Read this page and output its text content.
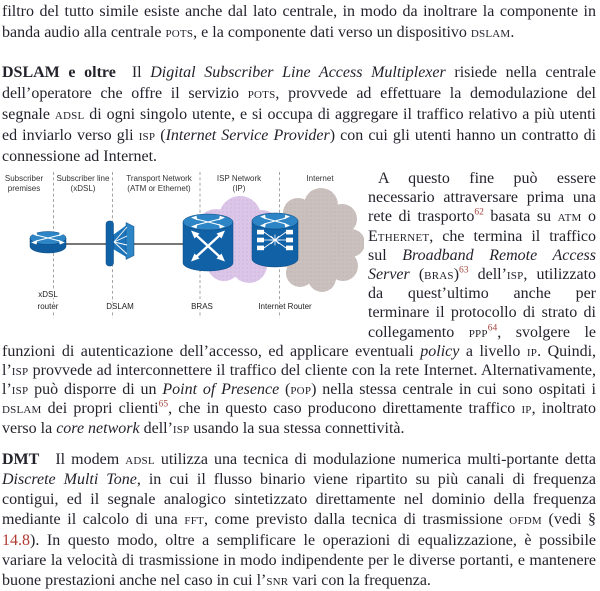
filtro del tutto simile esiste anche dal lato centrale, in modo da inoltrare la componente in banda audio alla centrale pots, e la componente dati verso un dispositivo dslam.

DSLAM e oltre Il Digital Subscriber Line Access Multiplexer risiede nella centrale dell’operatore che offre il servizio pots, provvede ad effettuare la demodulazione del segnale adsl di ogni singolo utente, e si occupa di aggregare il traffico relativo a più utenti ed inviarlo verso gli isp (Internet Service Provider) con cui gli utenti hanno un contratto di connessione ad Internet.

Subscriber
premises
Subscriber line
(xDSL)
Transport Network
(ATM or Ethernet)
ISP Network
(IP)
Internet
xDSL
router	DSLAM	BRAS	Internet Router

A questo fine può essere necessario attraversare prima una rete di trasporto$^{62}$ basata su atm o Ethernet, che termina il traffico sul Broadband Remote Access Server (bras)$^{63}$ dell’isp, utilizzato da quest’ultimo anche per terminare il protocollo di strato di collegamento ppp$^{64}$, svolgere le funzioni di autenticazione dell’accesso, ed applicare eventuali policy a livello ip. Quindi, l’isp provvede ad interconnettere il traffico del cliente con la rete Internet. Alternativamente, l’isp può disporre di un Point of Presence (pop) nella stessa centrale in cui sono ospitati i dslam dei propri clienti$^{65}$, che in questo caso producono direttamente traffico ip, inoltrato verso la core network dell’isp usando la sua stessa connettività.

DMT Il modem adsl utilizza una tecnica di modulazione numerica multi-portante detta Discrete Multi Tone, in cui il flusso binario viene ripartito su più canali di frequenza contigui, ed il segnale analogico sintetizzato direttamente nel dominio della frequenza mediante il calcolo di una fft, come previsto dalla tecnica di trasmissione ofdm (vedi § 14.8). In questo modo, oltre a semplificare le operazioni di equalizzazione, è possibile variare la velocità di trasmissione in modo indipendente per le diverse portanti, e mantenere buone prestazioni anche nel caso in cui l’snr vari con la frequenza.
